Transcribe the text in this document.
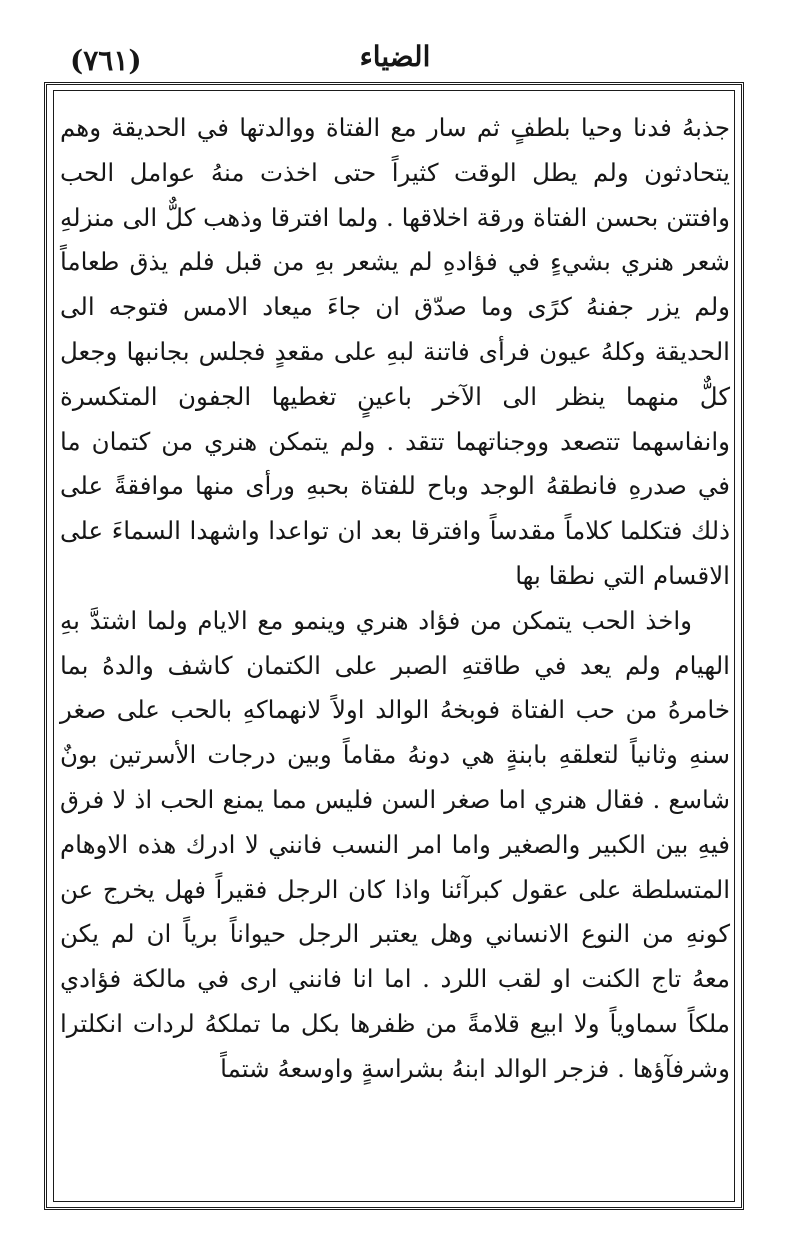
(٧٦١)	الضياء

جذبهُ فدنا وحيا بلطفٍ ثم سار مع الفتاة ووالدتها في الحديقة وهم يتحادثون ولم يطل الوقت كثيراً حتى اخذت منهُ عوامل الحب وافتتن بحسن الفتاة ورقة اخلاقها . ولما افترقا وذهب كلٌّ الى منزلهِ شعر هنري بشيءٍ في فؤادهِ لم يشعر بهِ من قبل فلم يذق طعاماً ولم يزر جفنهُ كرًى وما صدّق ان جاءَ ميعاد الامس فتوجه الى الحديقة وكلهُ عيون فرأى فاتنة لبهِ على مقعدٍ فجلس بجانبها وجعل كلٌّ منهما ينظر الى الآخر باعينٍ تغطيها الجفون المتكسرة وانفاسهما تتصعد ووجناتهما تتقد . ولم يتمكن هنري من كتمان ما في صدرهِ فانطقهُ الوجد وباح للفتاة بحبهِ ورأى منها موافقةً على ذلك فتكلما كلاماً مقدساً وافترقا بعد ان تواعدا واشهدا السماءَ على الاقسام التي نطقا بها

واخذ الحب يتمكن من فؤاد هنري وينمو مع الايام ولما اشتدَّ بهِ الهيام ولم يعد في طاقتهِ الصبر على الكتمان كاشف والدهُ بما خامرهُ من حب الفتاة فوبخهُ الوالد اولاً لانهماكهِ بالحب على صغر سنهِ وثانياً لتعلقهِ بابنةٍ هي دونهُ مقاماً وبين درجات الأسرتين بونٌ شاسع . فقال هنري اما صغر السن فليس مما يمنع الحب اذ لا فرق فيهِ بين الكبير والصغير واما امر النسب فانني لا ادرك هذه الاوهام المتسلطة على عقول كبرآئنا واذا كان الرجل فقيراً فهل يخرج عن كونهِ من النوع الانساني وهل يعتبر الرجل حيواناً برياً ان لم يكن معهُ تاج الكنت او لقب اللرد . اما انا فانني ارى في مالكة فؤادي ملكاً سماوياً ولا ابيع قلامةً من ظفرها بكل ما تملكهُ لردات انكلترا وشرفآؤها . فزجر الوالد ابنهُ بشراسةٍ واوسعهُ شتماً
